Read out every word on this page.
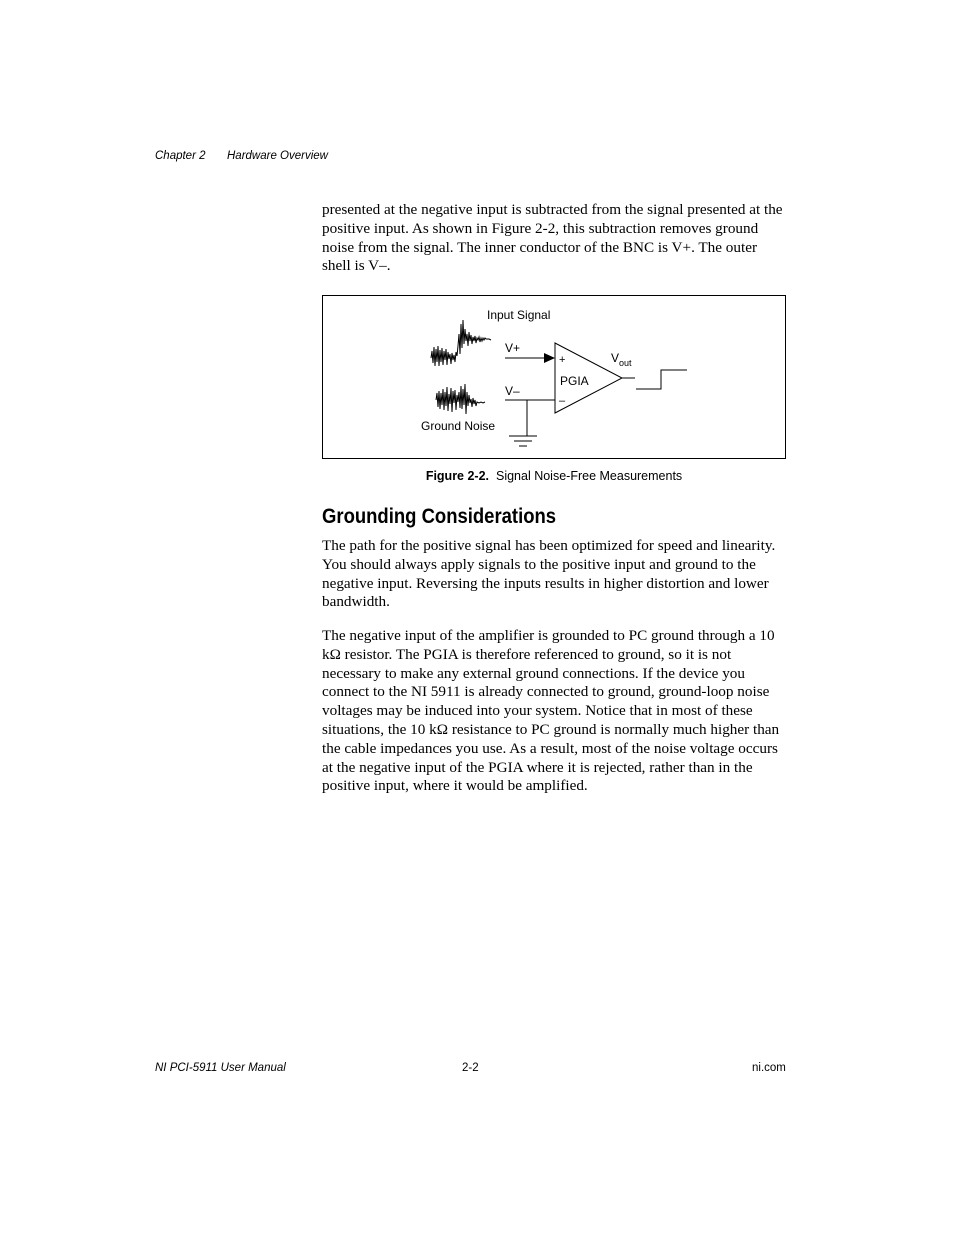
Chapter 2 Hardware Overview

presented at the negative input is subtracted from the signal presented at the positive input. As shown in Figure 2-2, this subtraction removes ground noise from the signal. The inner conductor of the BNC is V+. The outer shell is V–.

Input Signal
V+
V–
Ground Noise
+
PGIA
–
$V_{out}$
Figure 2-2. Signal Noise-Free Measurements
Grounding Considerations

The path for the positive signal has been optimized for speed and linearity. You should always apply signals to the positive input and ground to the negative input. Reversing the inputs results in higher distortion and lower bandwidth.

The negative input of the amplifier is grounded to PC ground through a 10 kΩ resistor. The PGIA is therefore referenced to ground, so it is not necessary to make any external ground connections. If the device you connect to the NI 5911 is already connected to ground, ground-loop noise voltages may be induced into your system. Notice that in most of these situations, the 10 kΩ resistance to PC ground is normally much higher than the cable impedances you use. As a result, most of the noise voltage occurs at the negative input of the PGIA where it is rejected, rather than in the positive input, where it would be amplified.

NI PCI-5911 User Manual	2-2	ni.com
